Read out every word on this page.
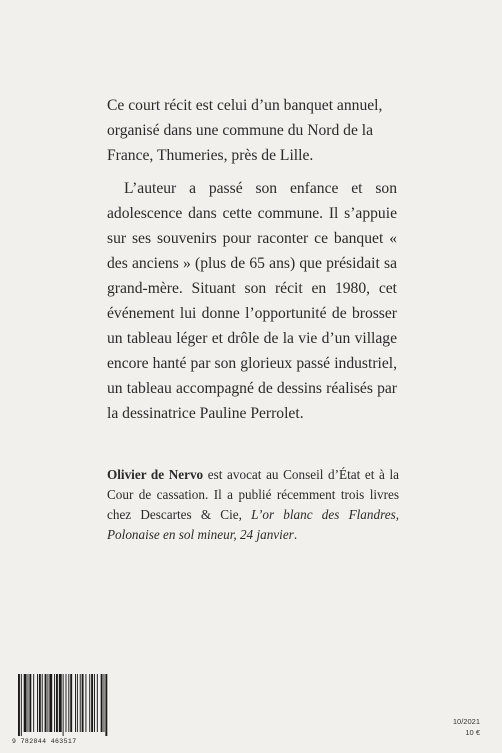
Ce court récit est celui d’un banquet annuel, organisé dans une commune du Nord de la France, Thumeries, près de Lille.

L’auteur a passé son enfance et son adolescence dans cette commune. Il s’appuie sur ses souvenirs pour raconter ce banquet « des anciens » (plus de 65 ans) que présidait sa grand-mère. Situant son récit en 1980, cet événement lui donne l’opportunité de brosser un tableau léger et drôle de la vie d’un village encore hanté par son glorieux passé industriel, un tableau accompagné de dessins réalisés par la dessinatrice Pauline Perrolet.

Olivier de Nervo est avocat au Conseil d’État et à la Cour de cassation. Il a publié récemment trois livres chez Descartes & Cie, L’or blanc des Flandres, Polonaise en sol mineur, 24 janvier.
9 782844 463517
10/2021
10 €
